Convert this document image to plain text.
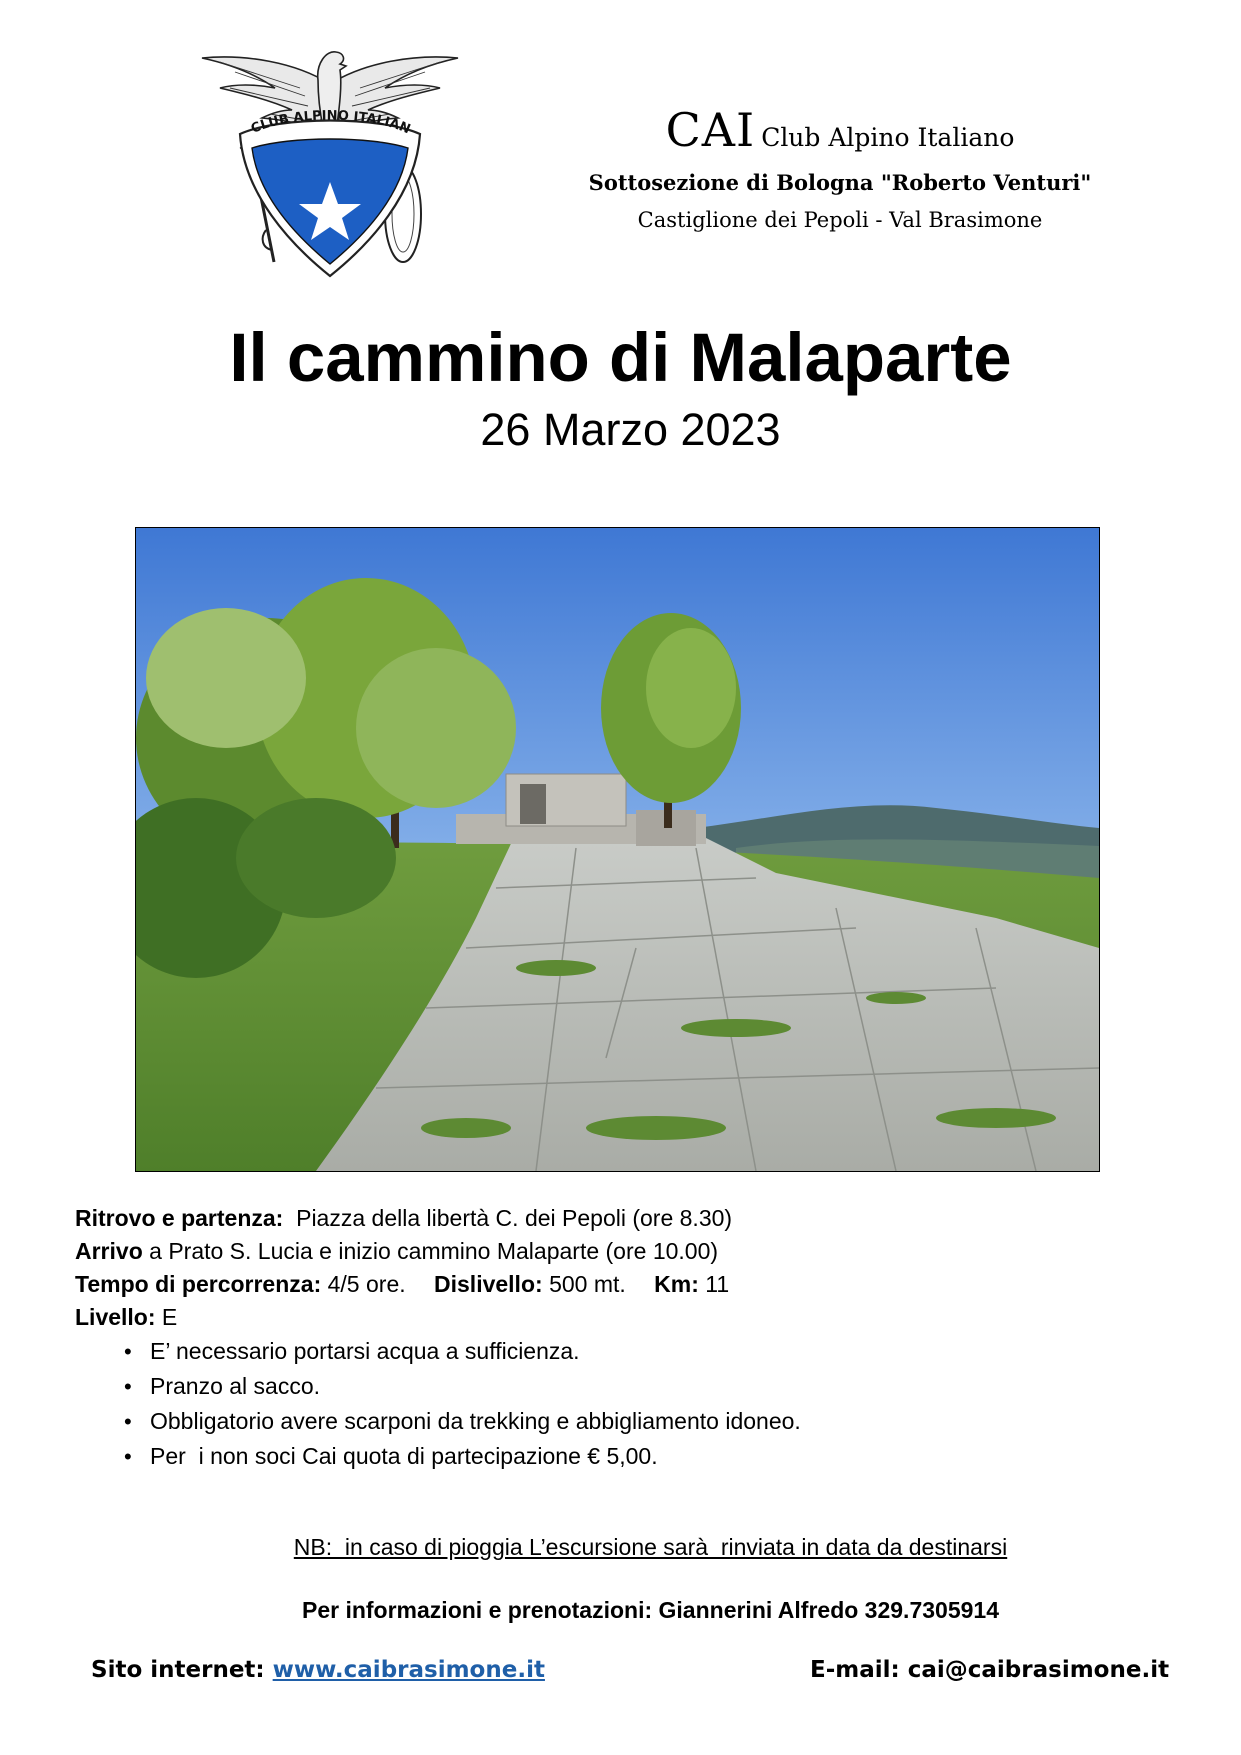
CLUB ALPINO ITALIAN	CAI Club Alpino Italiano
Sottosezione di Bologna "Roberto Venturi"
Castiglione dei Pepoli - Val Brasimone
Il cammino di Malaparte
26 Marzo 2023
Ritrovo e partenza: Piazza della libertà C. dei Pepoli (ore 8.30)
Arrivo a Prato S. Lucia e inizio cammino Malaparte (ore 10.00)
Tempo di percorrenza: 4/5 ore. Dislivello: 500 mt. Km: 11
Livello: E
• E’ necessario portarsi acqua a sufficienza.
• Pranzo al sacco.
• Obbligatorio avere scarponi da trekking e abbigliamento idoneo.
• Per  i non soci Cai quota di partecipazione € 5,00.
NB:  in caso di pioggia L’escursione sarà  rinviata in data da destinarsi
Per informazioni e prenotazioni: Giannerini Alfredo 329.7305914
Sito internet: www.caibrasimone.it	E-mail: cai@caibrasimone.it
